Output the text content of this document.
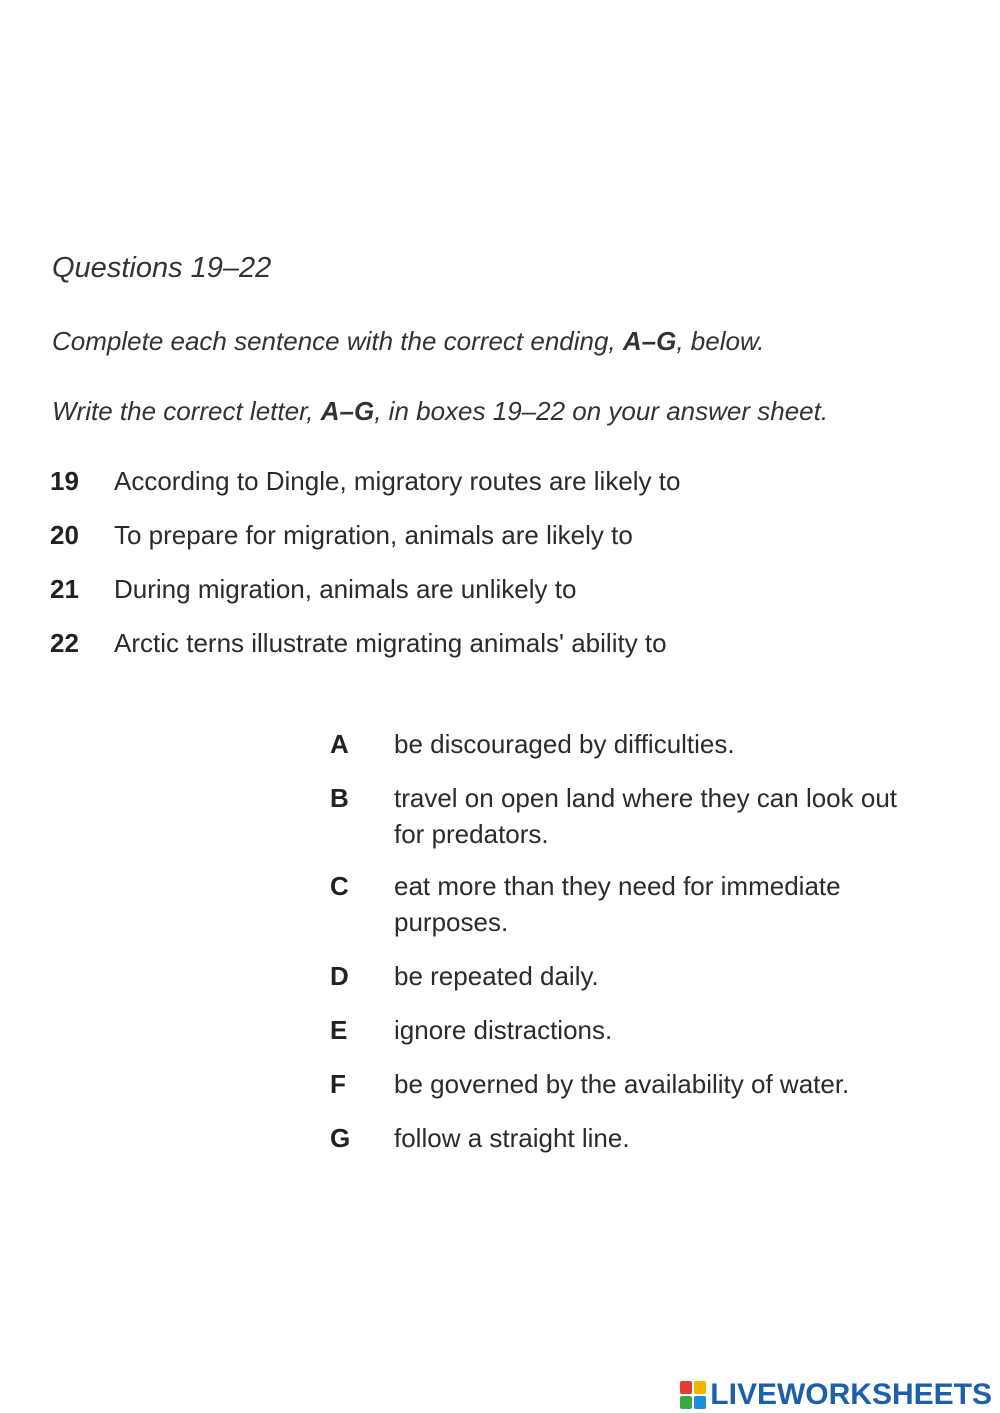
Questions 19–22
Complete each sentence with the correct ending, A–G, below.
Write the correct letter, A–G, in boxes 19–22 on your answer sheet.
19 According to Dingle, migratory routes are likely to
20 To prepare for migration, animals are likely to
21 During migration, animals are unlikely to
22 Arctic terns illustrate migrating animals' ability to
A	be discouraged by difficulties.
B	travel on open land where they can look out for predators.
C	eat more than they need for immediate purposes.
D	be repeated daily.
E	ignore distractions.
F	be governed by the availability of water.
G	follow a straight line.
LIVEWORKSHEETS
